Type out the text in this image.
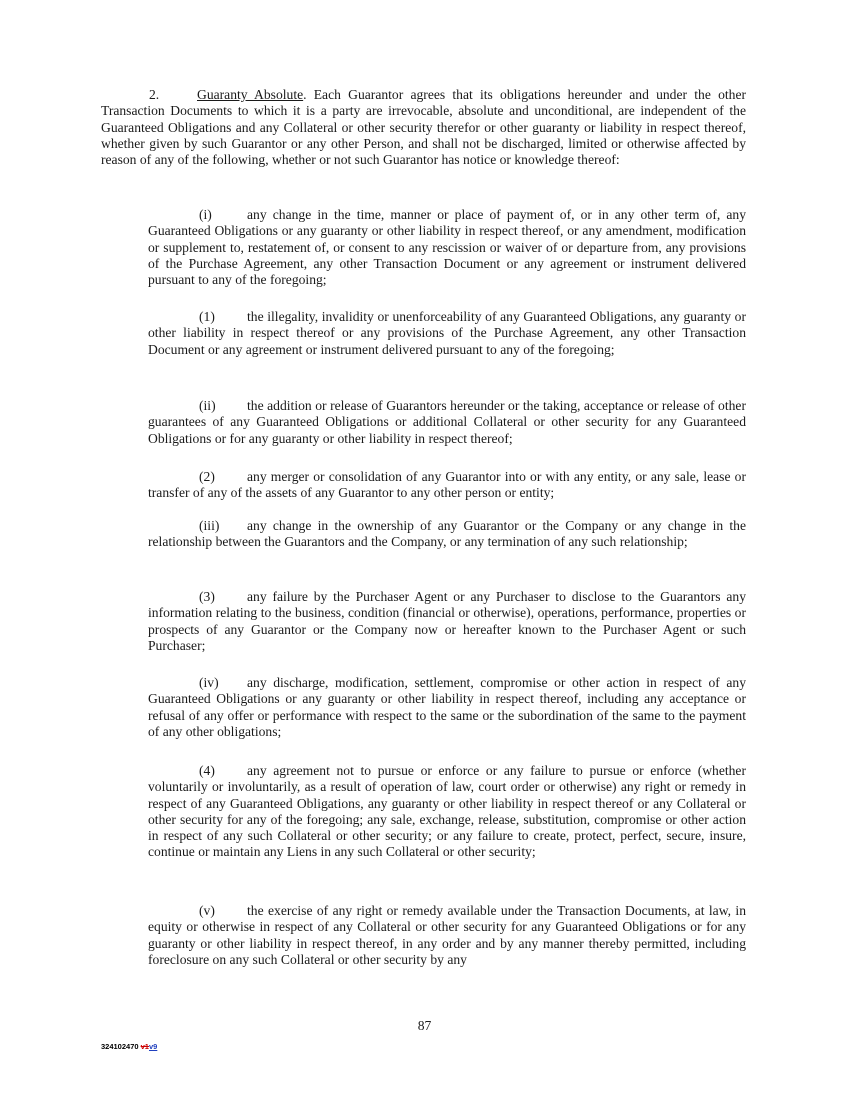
2.	Guaranty Absolute. Each Guarantor agrees that its obligations hereunder and under the other Transaction Documents to which it is a party are irrevocable, absolute and unconditional, are independent of the Guaranteed Obligations and any Collateral or other security therefor or other guaranty or liability in respect thereof, whether given by such Guarantor or any other Person, and shall not be discharged, limited or otherwise affected by reason of any of the following, whether or not such Guarantor has notice or knowledge thereof:

(i)	any change in the time, manner or place of payment of, or in any other term of, any Guaranteed Obligations or any guaranty or other liability in respect thereof, or any amendment, modification or supplement to, restatement of, or consent to any rescission or waiver of or departure from, any provisions of the Purchase Agreement, any other Transaction Document or any agreement or instrument delivered pursuant to any of the foregoing;

(1) the illegality, invalidity or unenforceability of any Guaranteed Obligations, any guaranty or other liability in respect thereof or any provisions of the Purchase Agreement, any other Transaction Document or any agreement or instrument delivered pursuant to any of the foregoing;

(ii) the addition or release of Guarantors hereunder or the taking, acceptance or release of other guarantees of any Guaranteed Obligations or additional Collateral or other security for any Guaranteed Obligations or for any guaranty or other liability in respect thereof;

(2) any merger or consolidation of any Guarantor into or with any entity, or any sale, lease or transfer of any of the assets of any Guarantor to any other person or entity;

(iii) any change in the ownership of any Guarantor or the Company or any change in the relationship between the Guarantors and the Company, or any termination of any such relationship;

(3) any failure by the Purchaser Agent or any Purchaser to disclose to the Guarantors any information relating to the business, condition (financial or otherwise), operations, performance, properties or prospects of any Guarantor or the Company now or hereafter known to the Purchaser Agent or such Purchaser;

(iv) any discharge, modification, settlement, compromise or other action in respect of any Guaranteed Obligations or any guaranty or other liability in respect thereof, including any acceptance or refusal of any offer or performance with respect to the same or the subordination of the same to the payment of any other obligations;

(4) any agreement not to pursue or enforce or any failure to pursue or enforce (whether voluntarily or involuntarily, as a result of operation of law, court order or otherwise) any right or remedy in respect of any Guaranteed Obligations, any guaranty or other liability in respect thereof or any Collateral or other security for any of the foregoing; any sale, exchange, release, substitution, compromise or other action in respect of any such Collateral or other security; or any failure to create, protect, perfect, secure, insure, continue or maintain any Liens in any such Collateral or other security;

(v) the exercise of any right or remedy available under the Transaction Documents, at law, in equity or otherwise in respect of any Collateral or other security for any Guaranteed Obligations or for any guaranty or other liability in respect thereof, in any order and by any manner thereby permitted, including foreclosure on any such Collateral or other security by any

87

324102470 v1v9
